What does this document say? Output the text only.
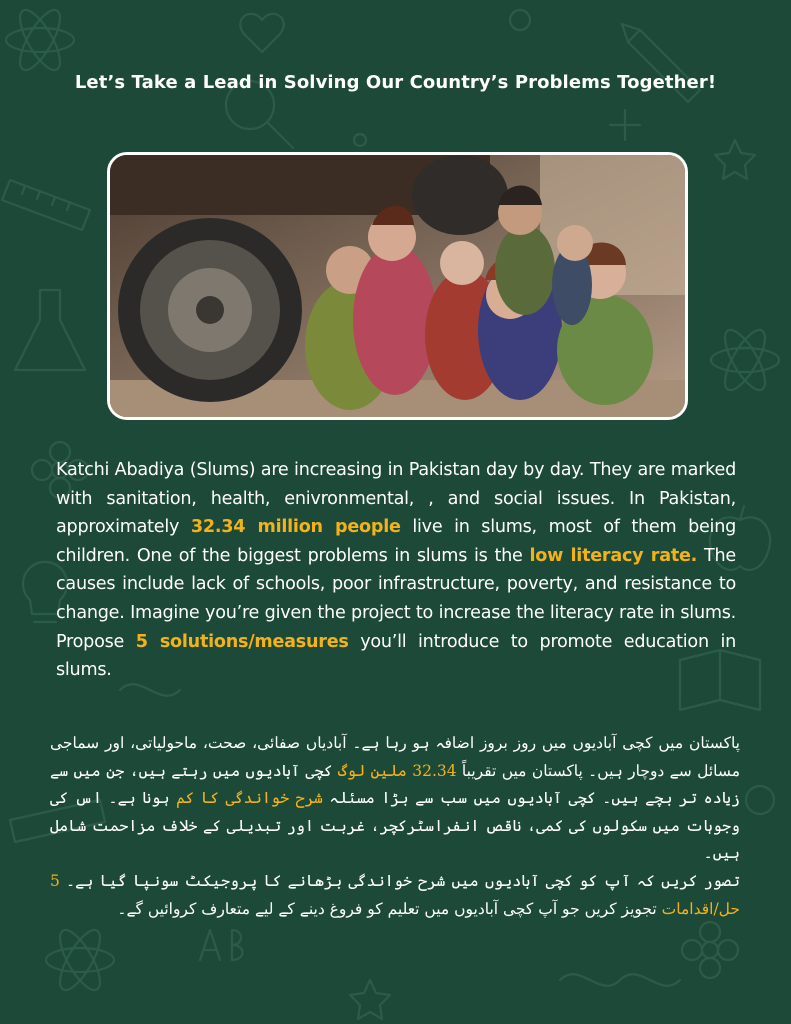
Let’s Take a Lead in Solving Our Country’s Problems Together!
Katchi Abadiya (Slums) are increasing in Pakistan day by day. They are marked with sanitation, health, enivronmental, , and social issues. In Pakistan, approximately 32.34 million people live in slums, most of them being children. One of the biggest problems in slums is the low literacy rate. The causes include lack of schools, poor infrastructure, poverty, and resistance to change. Imagine you’re given the project to increase the literacy rate in slums. Propose 5 solutions/measures you’ll introduce to promote education in slums.

پاکستان میں کچی آبادیوں میں روز بروز اضافہ ہو رہا ہے۔ آبادیاں صفائی، صحت، ماحولیاتی، اور سماجی مسائل سے دوچار ہیں۔ پاکستان میں تقریباً 32.34 ملین لوگ کچی آبادیوں میں رہتے ہیں، جن میں سے زیادہ تر بچے ہیں۔ کچی آبادیوں میں سب سے بڑا مسئلہ شرح خواندگی کا کم ہونا ہے۔ اس کی وجوہات میں سکولوں کی کمی، ناقص انفراسٹرکچر، غربت اور تبدیلی کے خلاف مزاحمت شامل ہیں۔

تصور کریں کہ آپ کو کچی آبادیوں میں شرح خواندگی بڑھانے کا پروجیکٹ سونپا گیا ہے۔ 5 حل/اقدامات تجویز کریں جو آپ کچی آبادیوں میں تعلیم کو فروغ دینے کے لیے متعارف کروائیں گے۔
